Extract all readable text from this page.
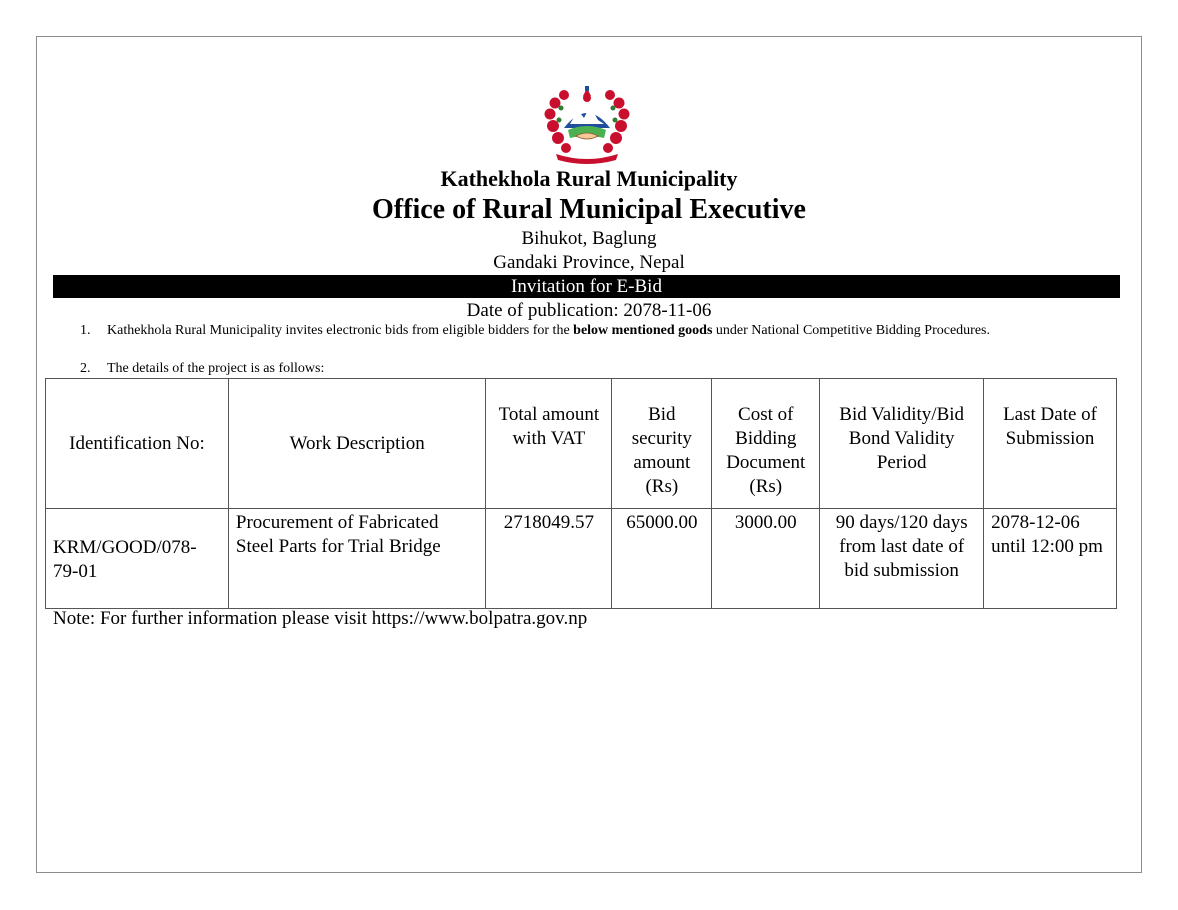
Kathekhola Rural Municipality
Office of Rural Municipal Executive
Bihukot, Baglung
Gandaki Province, Nepal
Invitation for E-Bid
Date of publication: 2078-11-06
1. Kathekhola Rural Municipality invites electronic bids from eligible bidders for the below mentioned goods under National Competitive Bidding Procedures.
2. The details of the project is as follows:
Identification No:	Work Description	Total amount with VAT	Bid security amount (Rs)	Cost of Bidding Document (Rs)	Bid Validity/Bid Bond Validity Period	Last Date of Submission
KRM/GOOD/078-79-01	Procurement of Fabricated Steel Parts for Trial Bridge	2718049.57	65000.00	3000.00	90 days/120 days from last date of bid submission	2078-12-06 until 12:00 pm
Note: For further information please visit https://www.bolpatra.gov.np
